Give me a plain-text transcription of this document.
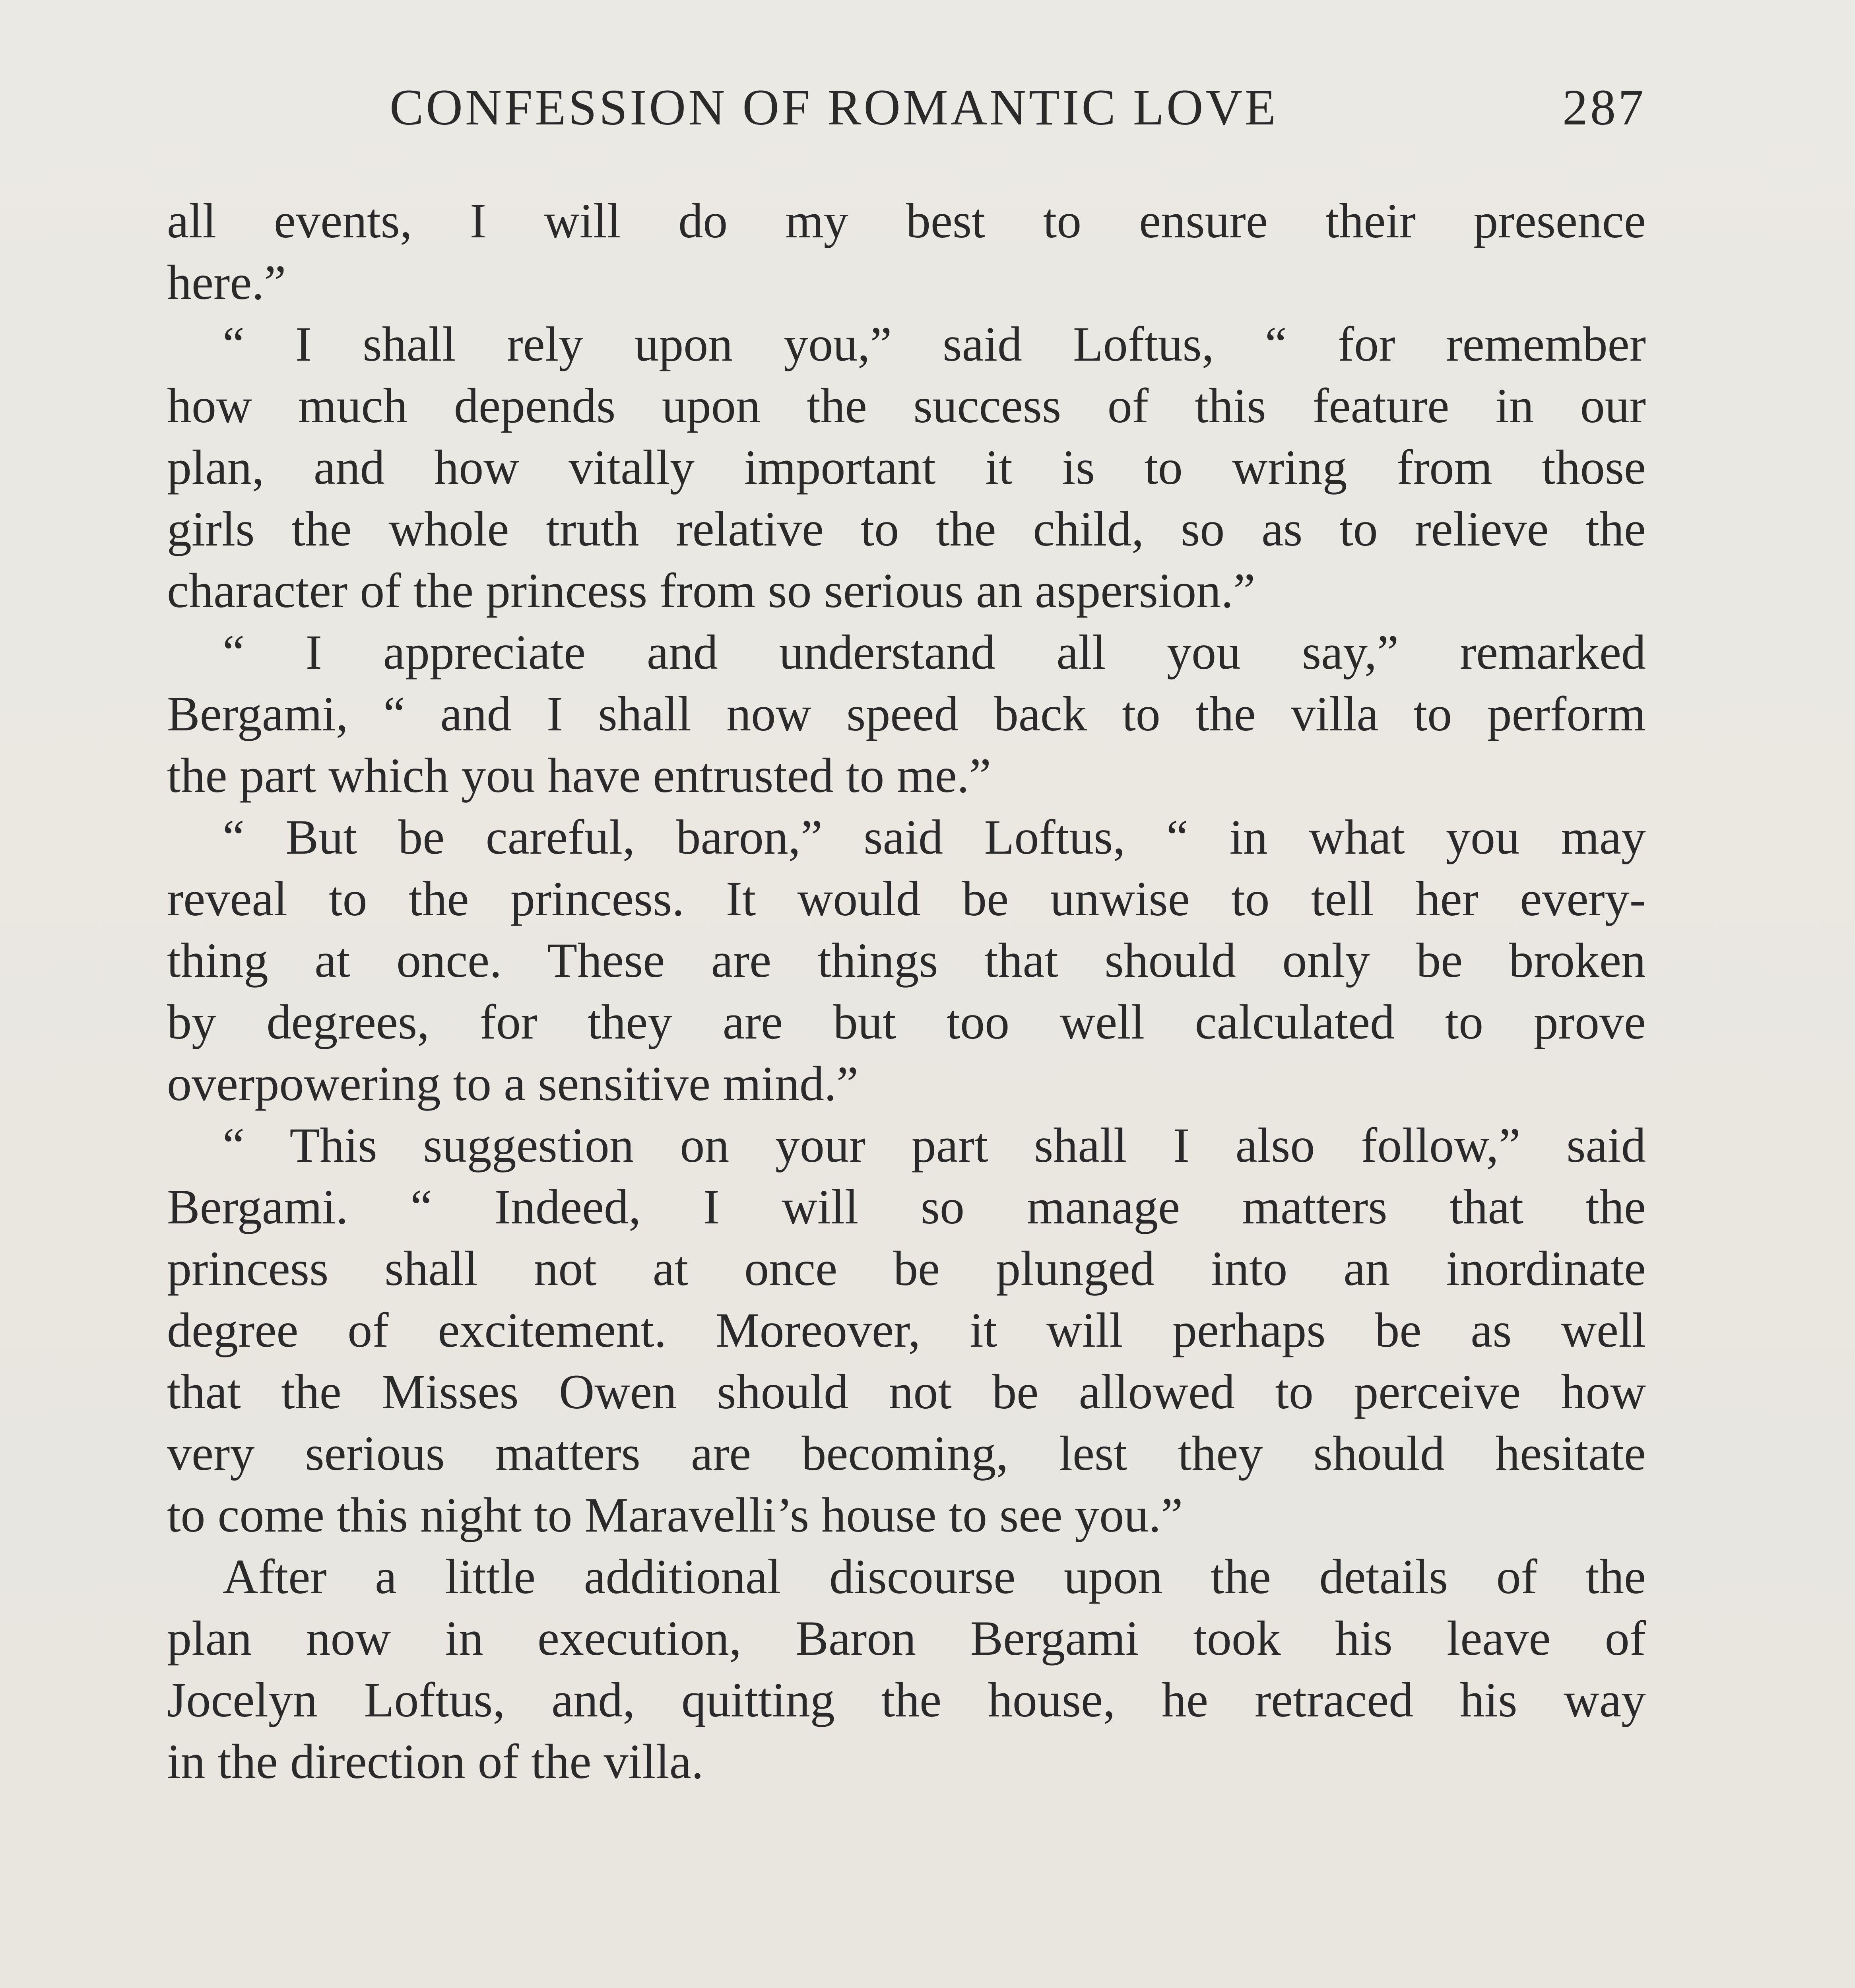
CONFESSION OF ROMANTIC LOVE	287
all events, I will do my best to ensure their presence
here.”
“ I shall rely upon you,” said Loftus, “ for remember
how much depends upon the success of this feature in our
plan, and how vitally important it is to wring from those
girls the whole truth relative to the child, so as to relieve the
character of the princess from so serious an aspersion.”
“ I appreciate and understand all you say,” remarked
Bergami, “ and I shall now speed back to the villa to perform
the part which you have entrusted to me.”
“ But be careful, baron,” said Loftus, “ in what you may
reveal to the princess. It would be unwise to tell her every-
thing at once. These are things that should only be broken
by degrees, for they are but too well calculated to prove
overpowering to a sensitive mind.”
“ This suggestion on your part shall I also follow,” said
Bergami. “ Indeed, I will so manage matters that the
princess shall not at once be plunged into an inordinate
degree of excitement. Moreover, it will perhaps be as well
that the Misses Owen should not be allowed to perceive how
very serious matters are becoming, lest they should hesitate
to come this night to Maravelli’s house to see you.”
After a little additional discourse upon the details of the
plan now in execution, Baron Bergami took his leave of
Jocelyn Loftus, and, quitting the house, he retraced his way
in the direction of the villa.
